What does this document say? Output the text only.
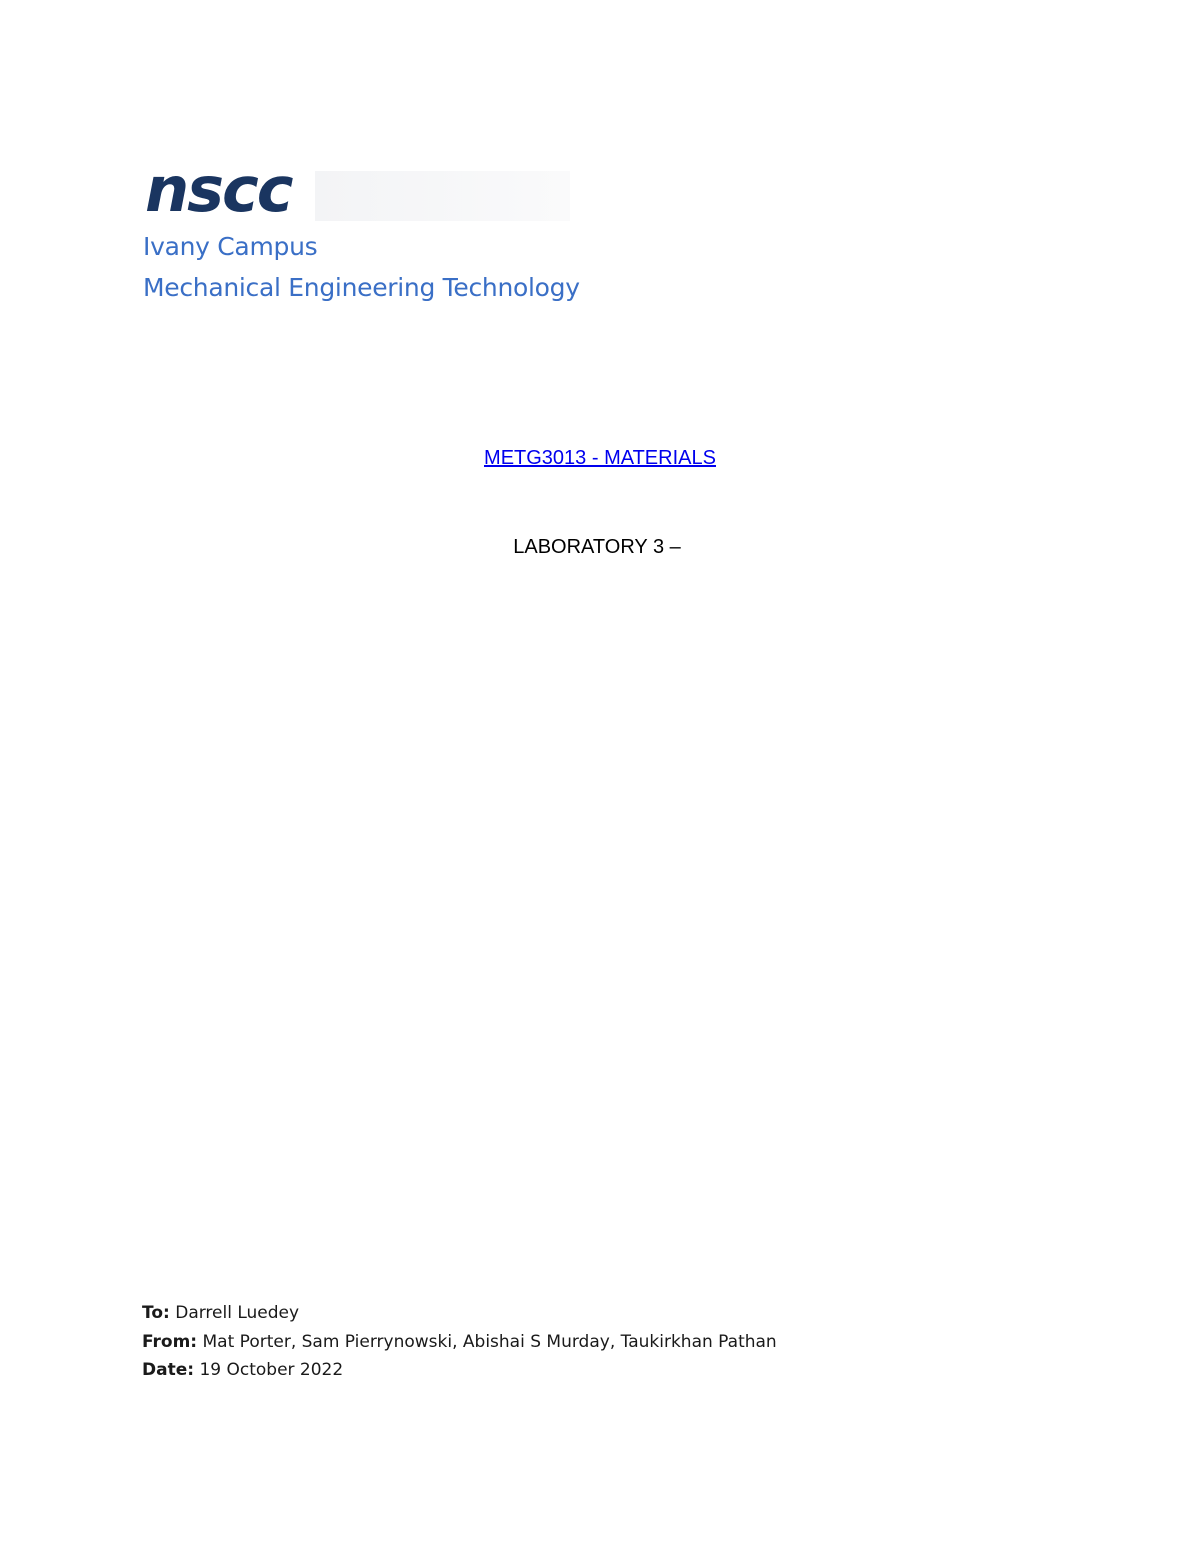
nscc
Ivany Campus
Mechanical Engineering Technology
METG3013 - MATERIALS
LABORATORY 3 –
To: Darrell Luedey
From: Mat Porter, Sam Pierrynowski, Abishai S Murday, Taukirkhan Pathan
Date: 19 October 2022
